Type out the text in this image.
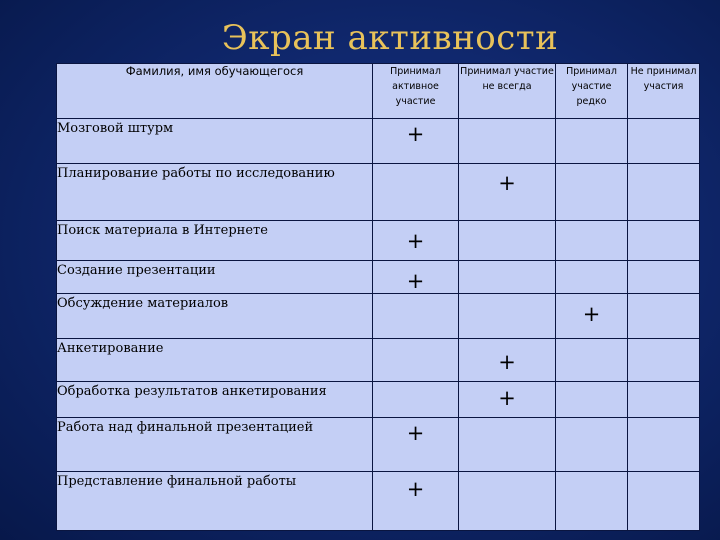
Экран активности
Фамилия, имя обучающегося	Принимал активное участие	Принимал участие не всегда	Принимал участие редко	Не принимал участия
Мозговой штурм	+			
Планирование работы по исследованию		+		
Поиск материала в Интернете	+			
Создание презентации	+			
Обсуждение материалов			+	
Анкетирование		+		
Обработка результатов анкетирования		+		
Работа над финальной презентацией	+			
Представление финальной работы	+			
